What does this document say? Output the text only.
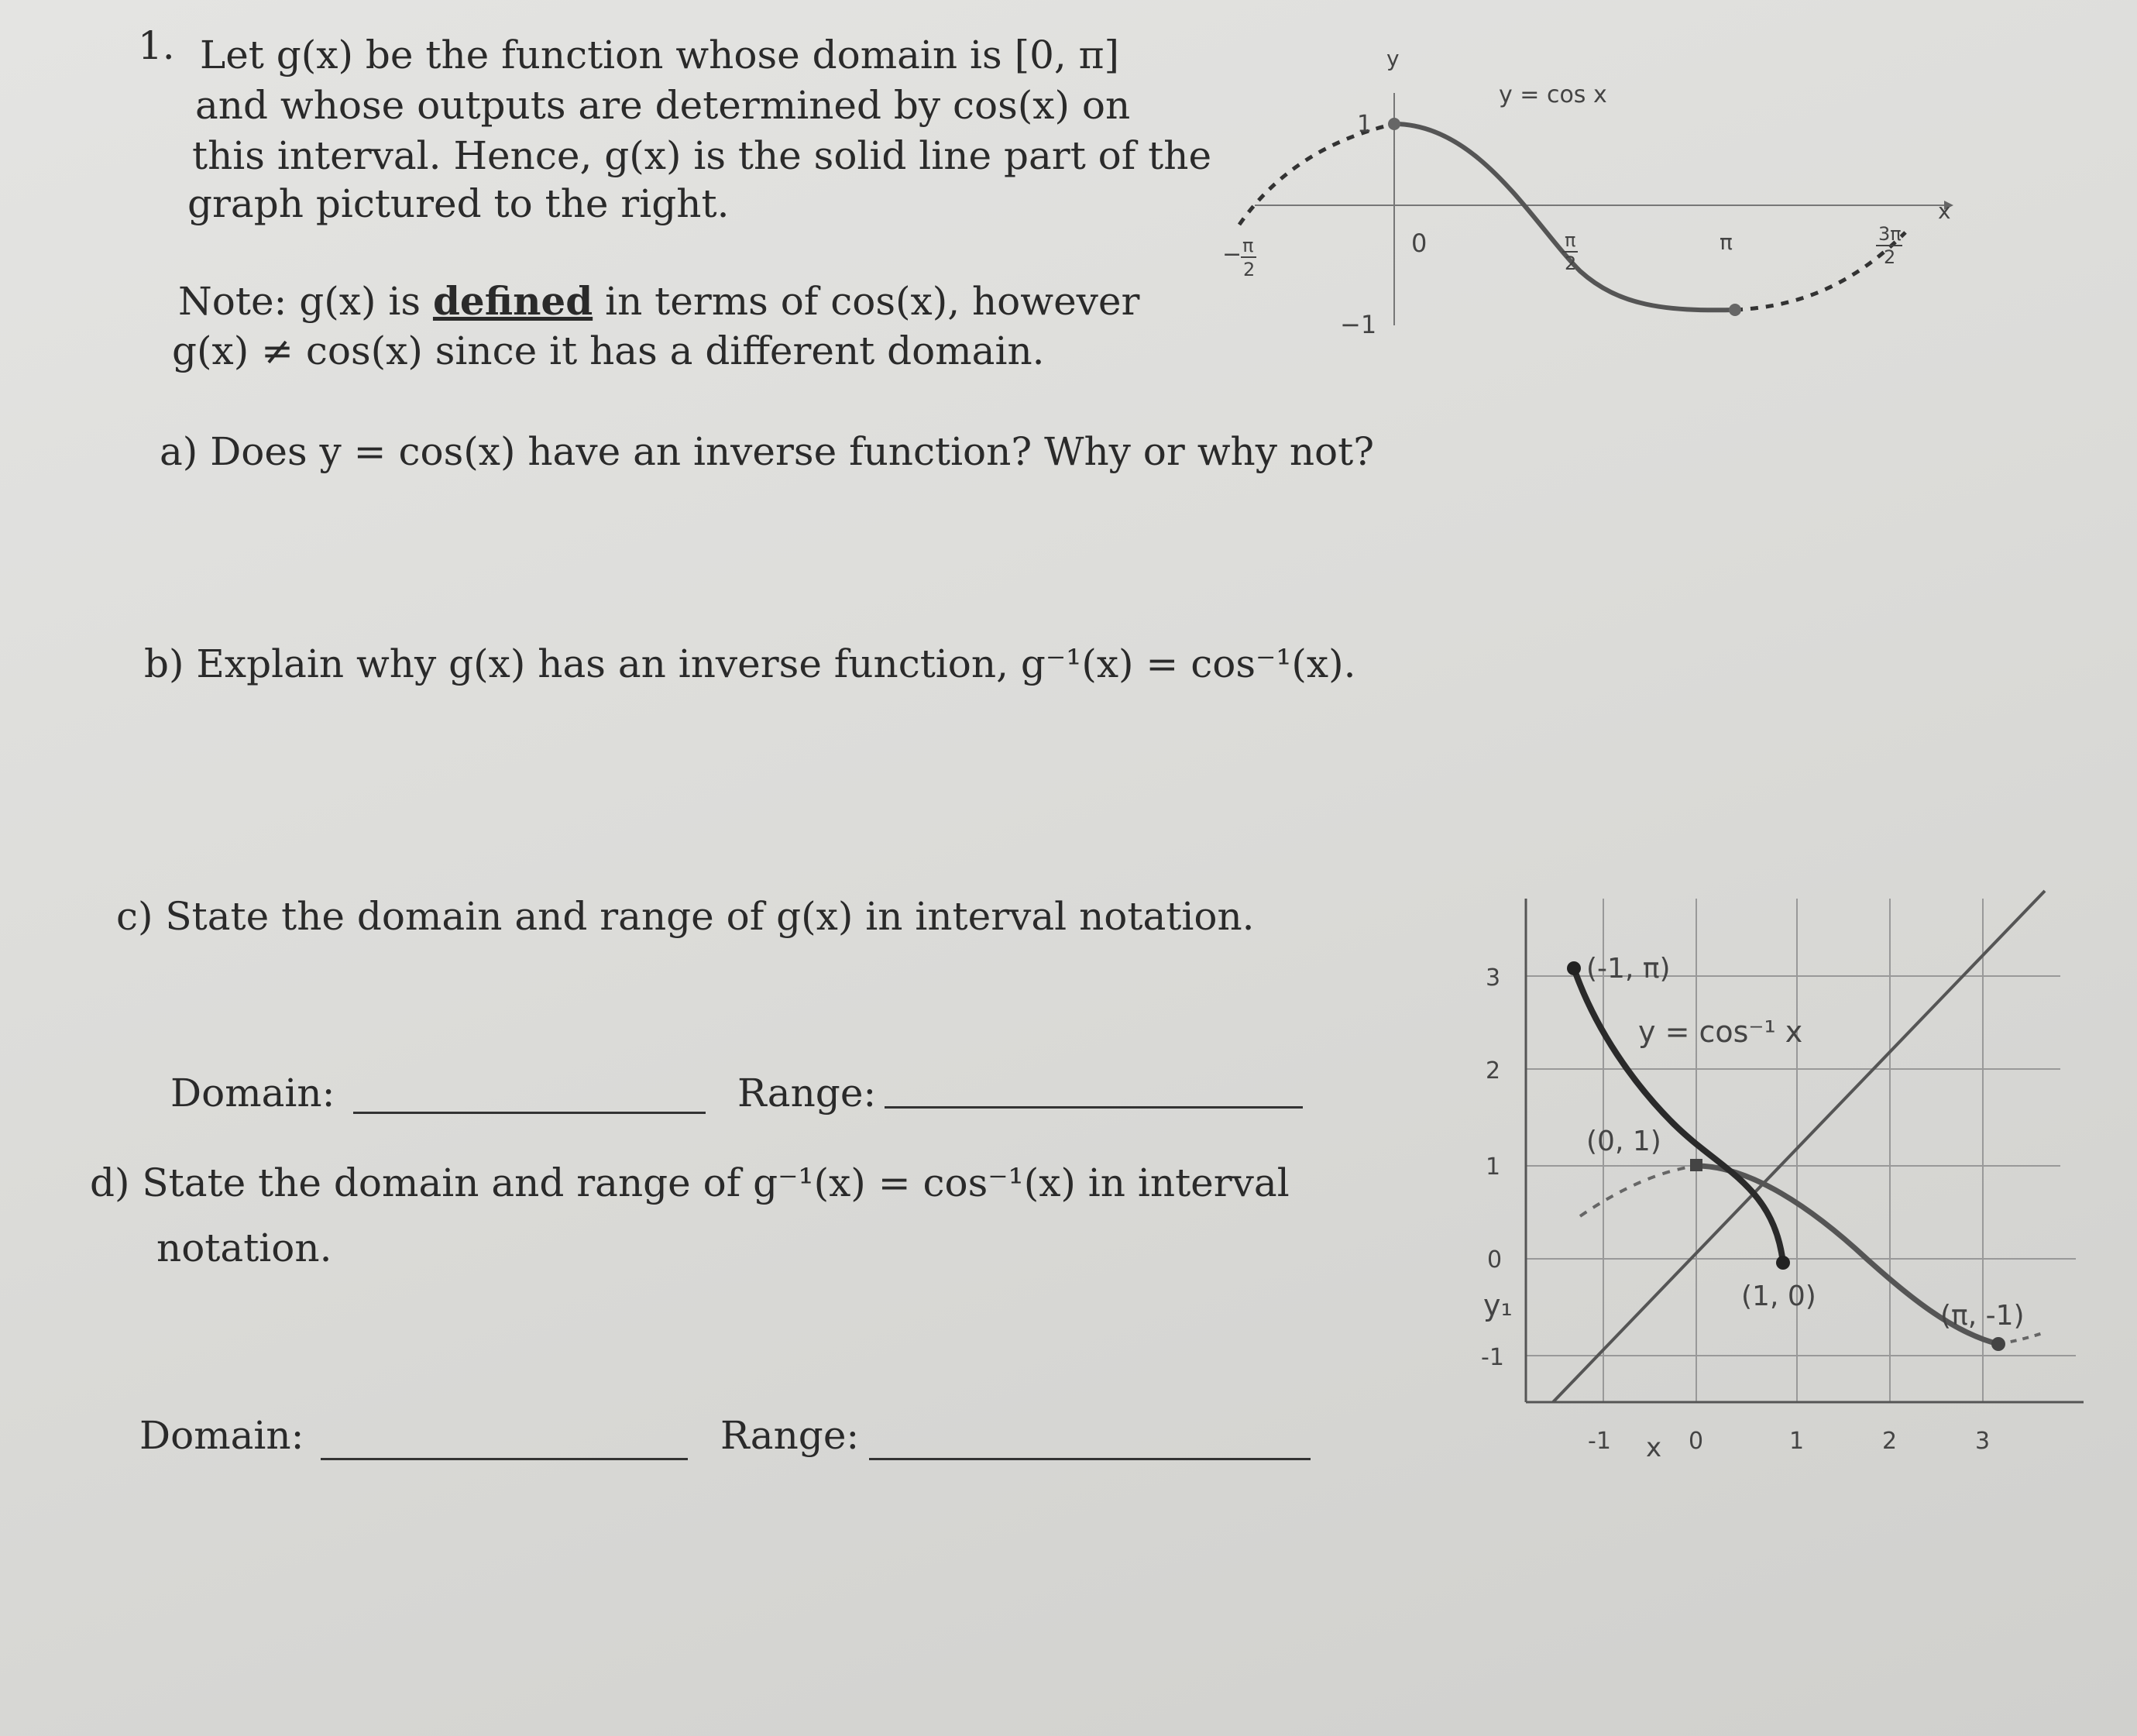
1. Let g(x) be the function whose domain is [0, π]
and whose outputs are determined by cos(x) on
this interval. Hence, g(x) is the solid line part of the
graph pictured to the right.
Note: g(x) is defined in terms of cos(x), however
g(x) ≠ cos(x) since it has a different domain.
a) Does y = cos(x) have an inverse function? Why or why not?
b) Explain why g(x) has an inverse function, g⁻¹(x) = cos⁻¹(x).
c) State the domain and range of g(x) in interval notation.
Domain:	Range:
d) State the domain and range of g⁻¹(x) = cos⁻¹(x) in interval
notation.
Domain:	Range:
y = cos x
y
x
1
−1
− π
2
0	π
2
π	3π
2
(-1, π)
y = cos⁻¹ x
(0, 1)
(1, 0)
(π, -1)
3
2
1
0
y₁
-1
-1 x 0	1	2	3
